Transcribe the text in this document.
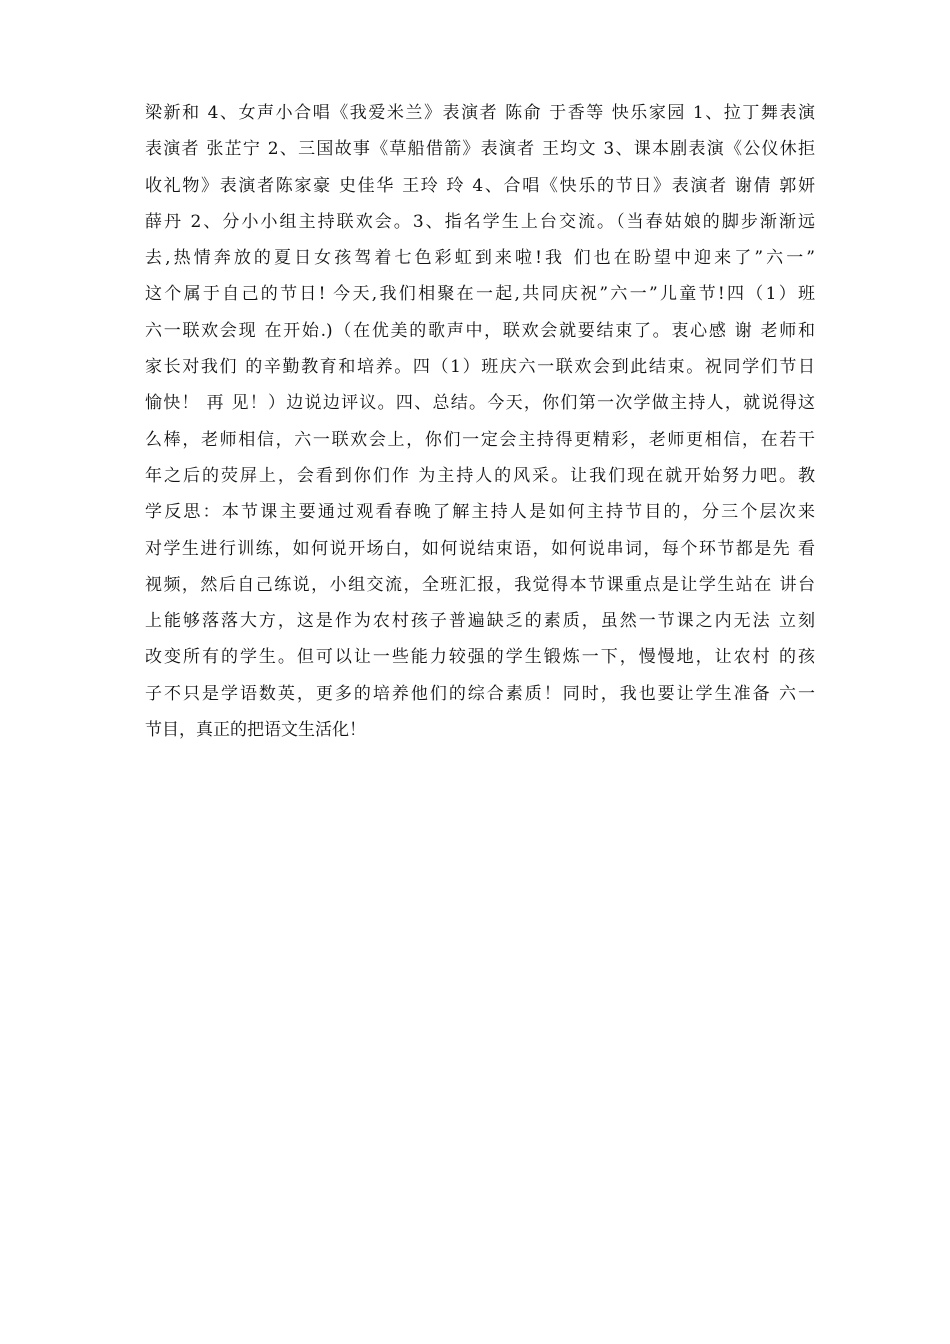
梁新和 4、女声小合唱《我爱米兰》表演者 陈俞 于香等 快乐家园 1、拉丁舞表演
表演者 张芷宁 2、三国故事《草船借箭》表演者 王均文 3、课本剧表演《公仪休拒
收礼物》表演者陈家豪 史佳华 王玲 玲 4、合唱《快乐的节日》表演者 谢倩 郭妍
薛丹 2、分小小组主持联欢会。3、指名学生上台交流。（当春姑娘的脚步渐渐远
去,热情奔放的夏日女孩驾着七色彩虹到来啦!我 们也在盼望中迎来了”六一”
这个属于自己的节日! 今天,我们相聚在一起,共同庆祝”六一”儿童节!四（1）班
六一联欢会现 在开始.)（在优美的歌声中，联欢会就要结束了。衷心感 谢 老师和
家长对我们 的辛勤教育和培养。四（1）班庆六一联欢会到此结束。祝同学们节日
愉快！ 再 见！）边说边评议。四、总结。今天，你们第一次学做主持人，就说得这
么棒，老师相信，六一联欢会上，你们一定会主持得更精彩，老师更相信，在若干
年之后的荧屏上，会看到你们作 为主持人的风采。让我们现在就开始努力吧。教
学反思：本节课主要通过观看春晚了解主持人是如何主持节目的，分三个层次来
对学生进行训练，如何说开场白，如何说结束语，如何说串词，每个环节都是先 看
视频，然后自己练说，小组交流，全班汇报，我觉得本节课重点是让学生站在 讲台
上能够落落大方，这是作为农村孩子普遍缺乏的素质，虽然一节课之内无法 立刻
改变所有的学生。但可以让一些能力较强的学生锻炼一下，慢慢地，让农村 的孩
子不只是学语数英，更多的培养他们的综合素质！同时，我也要让学生准备 六一
节目，真正的把语文生活化！
